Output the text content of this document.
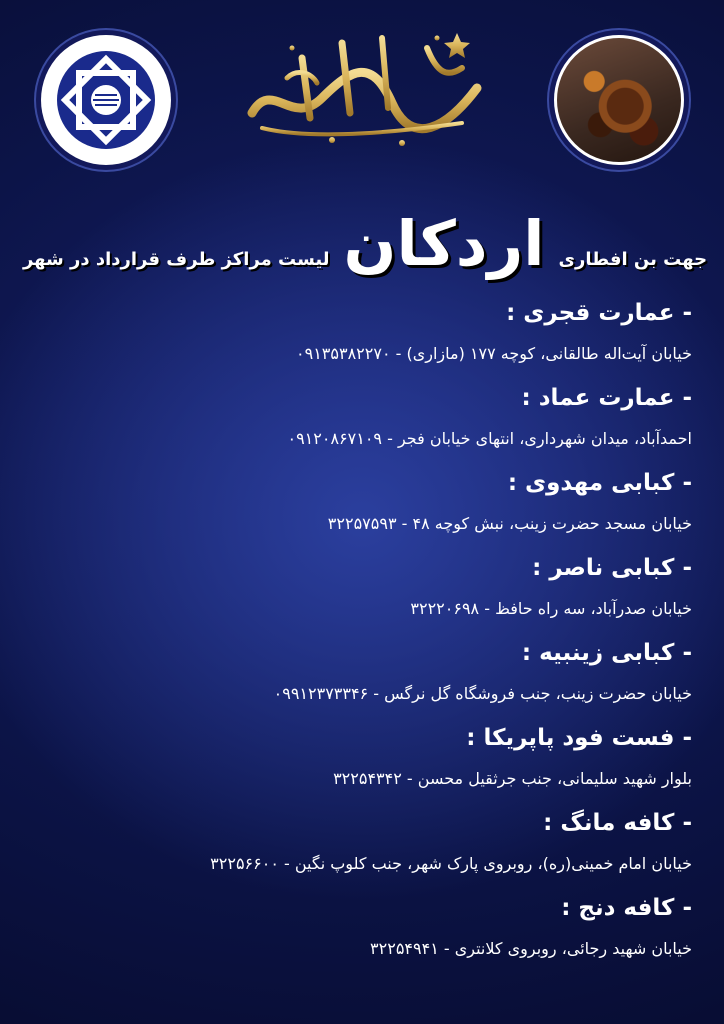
رمضان کریم
لیست مراکز طرف قرارداد در شهر اردکان جهت بن افطاری
- عمارت قجری :
خیابان آیت‌اله طالقانی، کوچه ۱۷۷ (مازاری) - ۰۹۱۳۵۳۸۲۲۷۰
- عمارت عماد :
احمدآباد، میدان شهرداری، انتهای خیابان فجر - ۰۹۱۲۰۸۶۷۱۰۹
- کبابی مهدوی :
خیابان مسجد حضرت زینب، نبش کوچه ۴۸ - ۳۲۲۵۷۵۹۳
- کبابی ناصر :
خیابان صدرآباد، سه راه حافظ - ۳۲۲۲۰۶۹۸
- کبابی زینبیه :
خیابان حضرت زینب، جنب فروشگاه گل نرگس - ۰۹۹۱۲۳۷۳۳۴۶
- فست فود پاپریکا :
بلوار شهید سلیمانی، جنب جرثقیل محسن - ۳۲۲۵۴۳۴۲
- کافه مانگ :
خیابان امام خمینی(ره)، روبروی پارک شهر، جنب کلوپ نگین - ۳۲۲۵۶۶۰۰
- کافه دنج :
خیابان شهید رجائی، روبروی کلانتری - ۳۲۲۵۴۹۴۱
